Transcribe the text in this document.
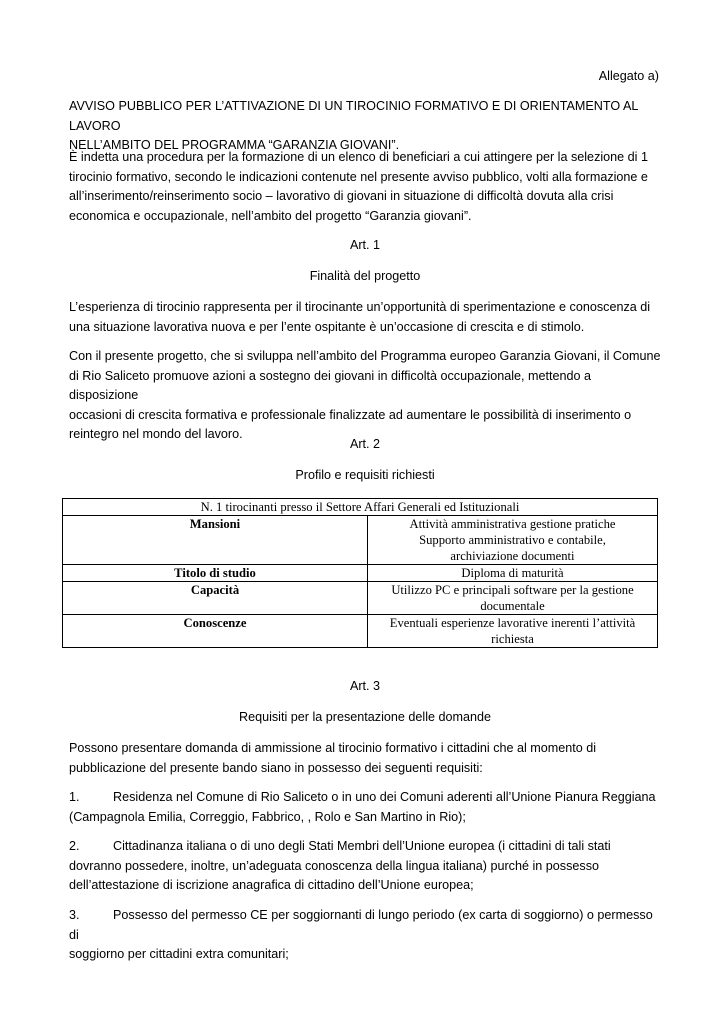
Allegato a)
AVVISO PUBBLICO PER L’ATTIVAZIONE DI UN TIROCINIO FORMATIVO E DI ORIENTAMENTO AL LAVORO
NELL’AMBITO DEL PROGRAMMA “GARANZIA GIOVANI”.
È indetta una procedura per la formazione di un elenco di beneficiari a cui attingere per la selezione di 1
tirocinio formativo, secondo le indicazioni contenute nel presente avviso pubblico, volti alla formazione e
all’inserimento/reinserimento socio – lavorativo di giovani in situazione di difficoltà dovuta alla crisi
economica e occupazionale, nell’ambito del progetto “Garanzia giovani”.
Art. 1
Finalità del progetto
L’esperienza di tirocinio rappresenta per il tirocinante un’opportunità di sperimentazione e conoscenza di
una situazione lavorativa nuova e per l’ente ospitante è un’occasione di crescita e di stimolo.
Con il presente progetto, che si sviluppa nell’ambito del Programma europeo Garanzia Giovani, il Comune
di Rio Saliceto promuove azioni a sostegno dei giovani in difficoltà occupazionale, mettendo a disposizione
occasioni di crescita formativa e professionale finalizzate ad aumentare le possibilità di inserimento o
reintegro nel mondo del lavoro.
Art. 2
Profilo e requisiti richiesti
N. 1 tirocinanti presso il Settore Affari Generali ed Istituzionali	
Mansioni	Attività amministrativa gestione pratiche
Supporto amministrativo e contabile,
archiviazione documenti

Titolo di studio	Diploma di maturità

Capacità	Utilizzo PC e principali software per la gestione
documentale

Conoscenze	Eventuali esperienze lavorative inerenti l’attività
richiesta
Art. 3
Requisiti per la presentazione delle domande
Possono presentare domanda di ammissione al tirocinio formativo i cittadini che al momento di
pubblicazione del presente bando siano in possesso dei seguenti requisiti:
1.	Residenza nel Comune di Rio Saliceto o in uno dei Comuni aderenti all’Unione Pianura Reggiana
(Campagnola Emilia, Correggio, Fabbrico, , Rolo e San Martino in Rio);
2.	Cittadinanza italiana o di uno degli Stati Membri dell’Unione europea (i cittadini di tali stati
dovranno possedere, inoltre, un’adeguata conoscenza della lingua italiana) purché in possesso
dell’attestazione di iscrizione anagrafica di cittadino dell’Unione europea;
3.	Possesso del permesso CE per soggiornanti di lungo periodo (ex carta di soggiorno) o permesso di
soggiorno per cittadini extra comunitari;
